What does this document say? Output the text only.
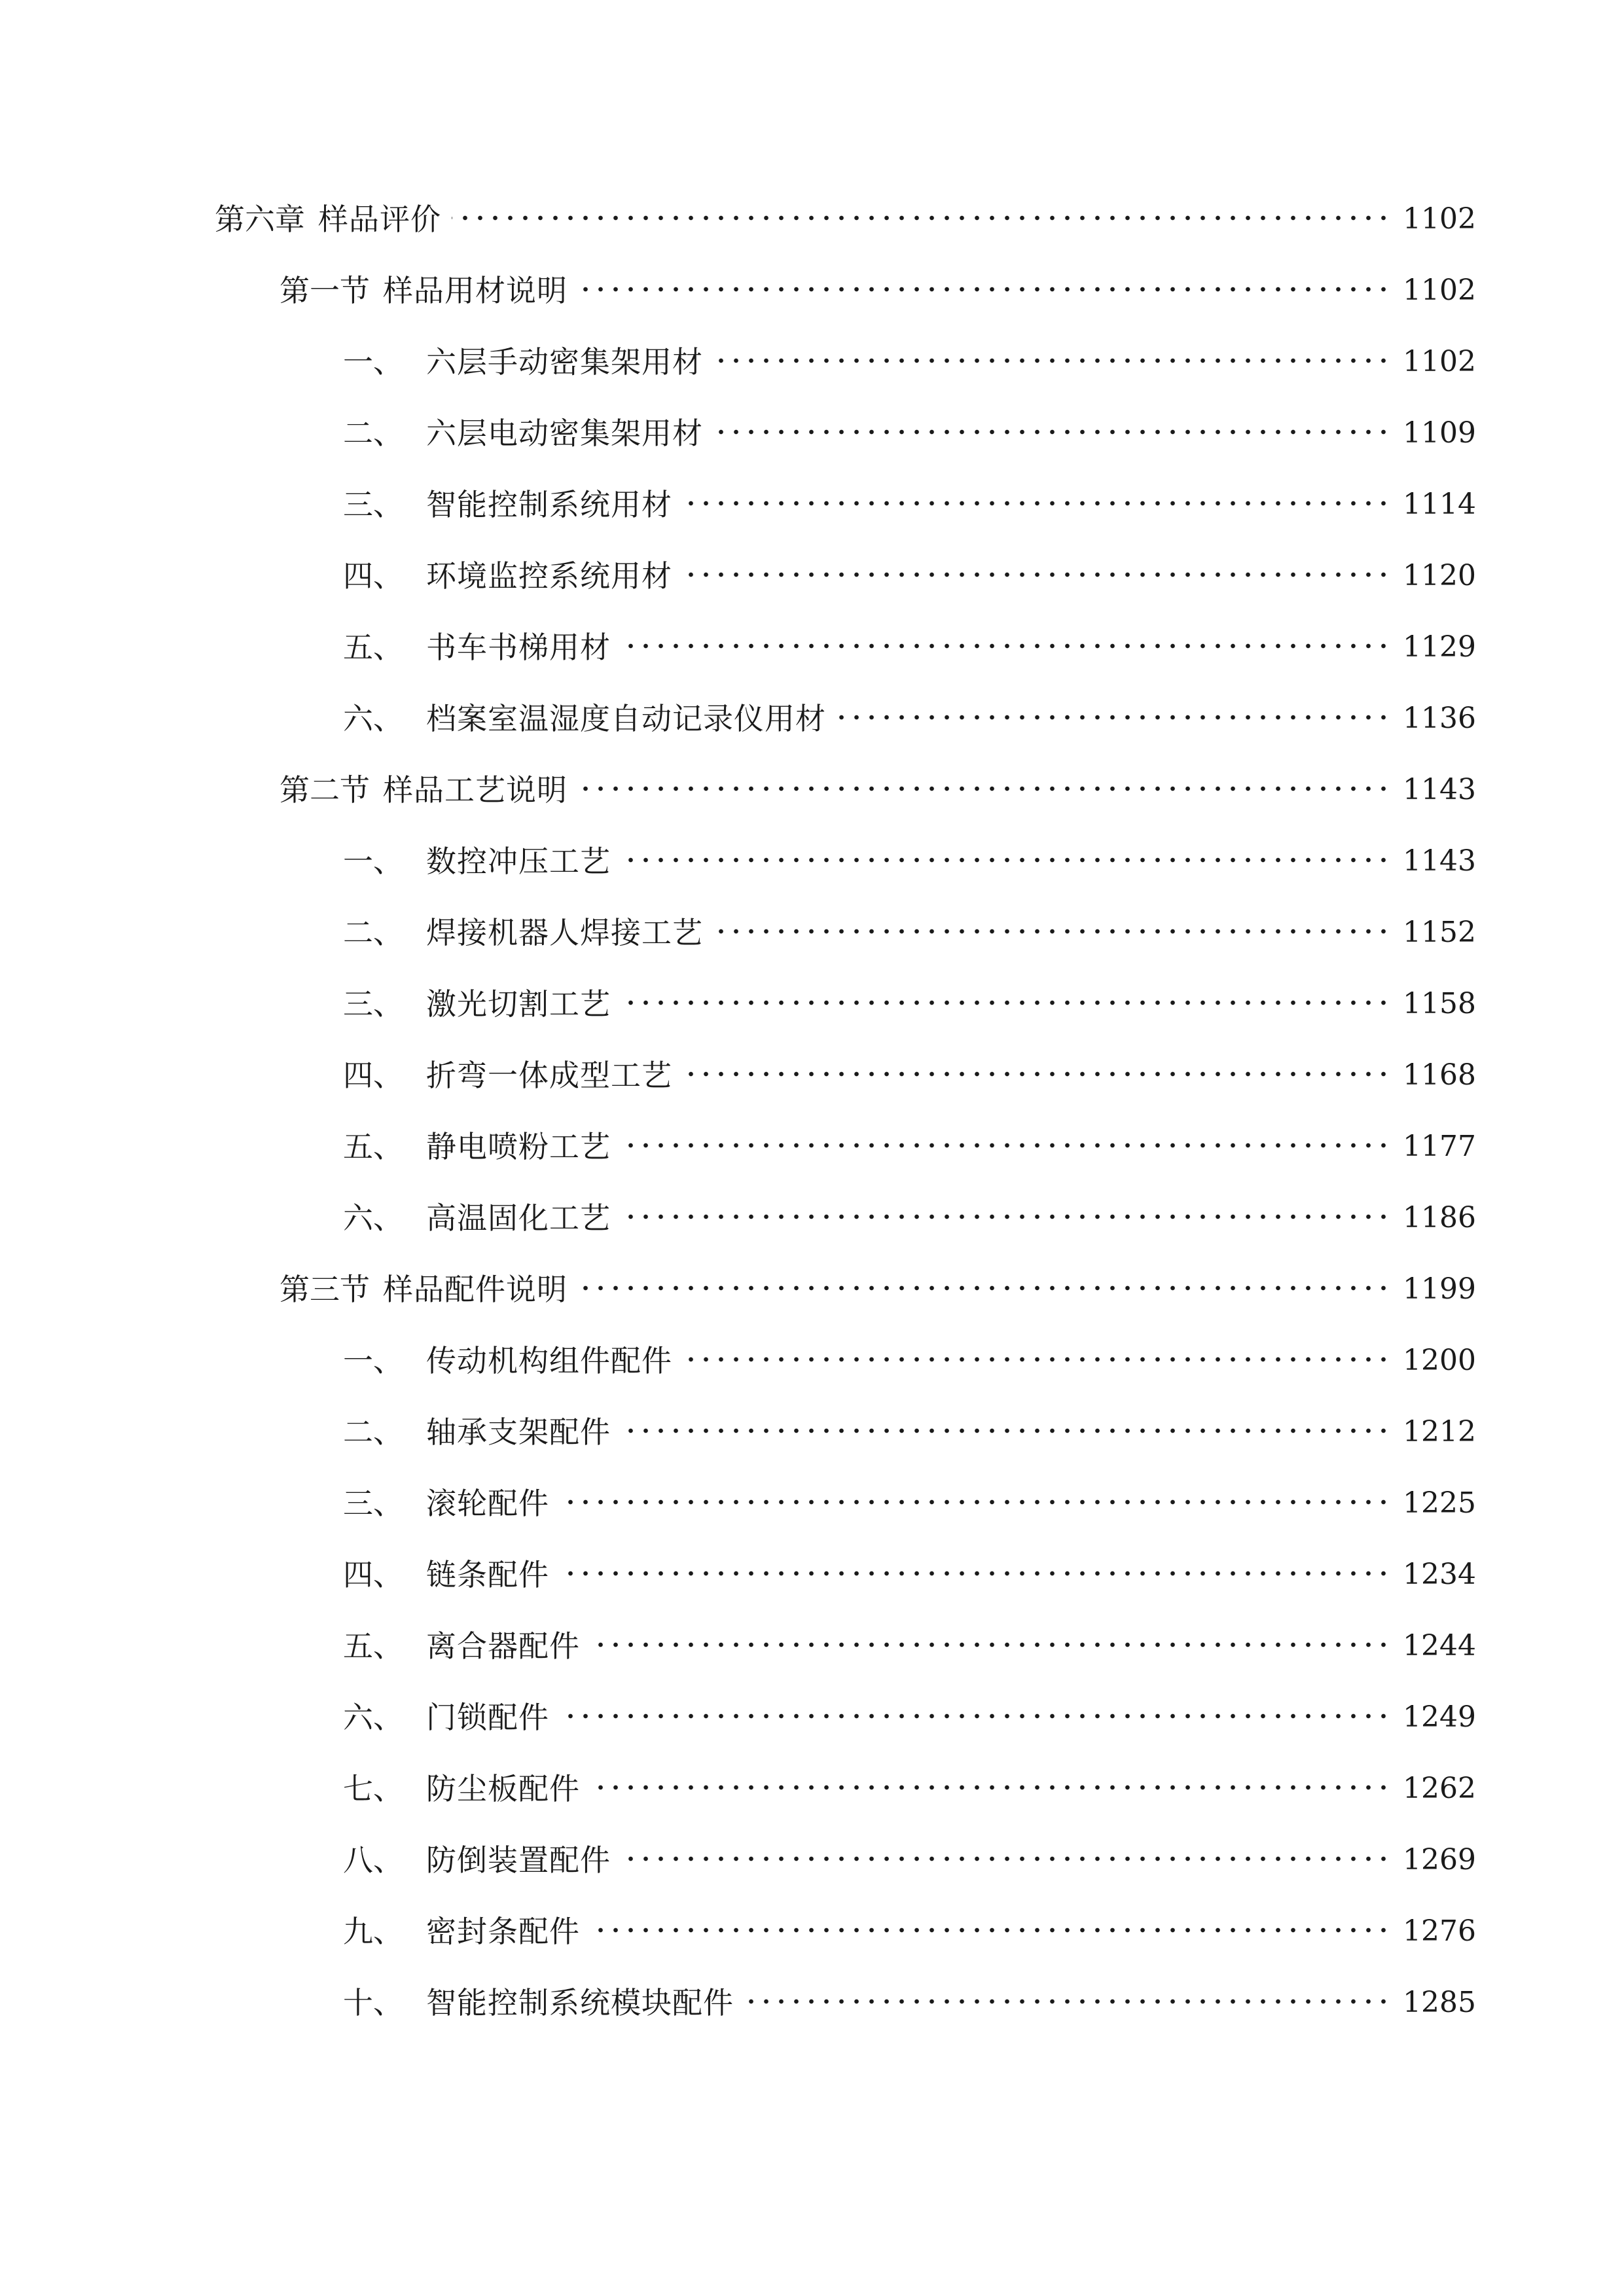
第六章 样品评价	1102
第一节 样品用材说明	1102
一、 六层手动密集架用材	1102
二、 六层电动密集架用材	1109
三、 智能控制系统用材	1114
四、 环境监控系统用材	1120
五、 书车书梯用材	1129
六、 档案室温湿度自动记录仪用材	1136
第二节 样品工艺说明	1143
一、 数控冲压工艺	1143
二、 焊接机器人焊接工艺	1152
三、 激光切割工艺	1158
四、 折弯一体成型工艺	1168
五、 静电喷粉工艺	1177
六、 高温固化工艺	1186
第三节 样品配件说明	1199
一、 传动机构组件配件	1200
二、 轴承支架配件	1212
三、 滚轮配件	1225
四、 链条配件	1234
五、 离合器配件	1244
六、 门锁配件	1249
七、 防尘板配件	1262
八、 防倒装置配件	1269
九、 密封条配件	1276
十、 智能控制系统模块配件	1285
